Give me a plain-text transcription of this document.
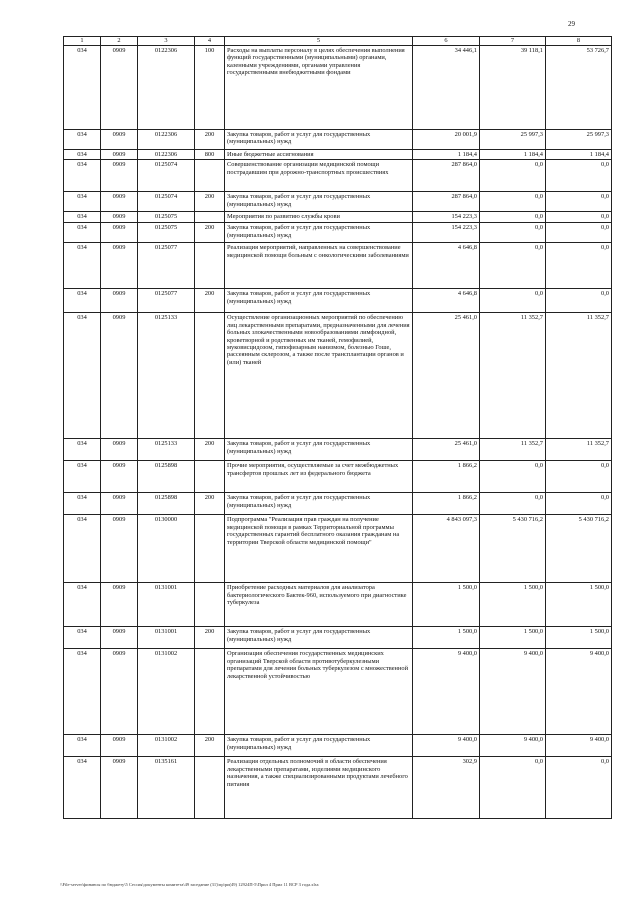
29
1	2	3	4	5	6	7	8
034	0909	0122306	100	Расходы на выплаты персоналу в целях обеспечения выполнения функций государственными (муниципальными) органами, казенными учреждениями, органами управления государственными внебюджетными фондами	34 446,1	39 118,1	53 726,7
034	0909	0122306	200	Закупка товаров, работ и услуг для государственных (муниципальных) нужд	20 001,9	25 997,3	25 997,3
034	0909	0122306	800	Иные бюджетные ассигнования	1 184,4	1 184,4	1 184,4
034	0909	0125074		Совершенствование организации медицинской помощи пострадавшим при дорожно-транспортных происшествиях	287 864,0	0,0	0,0
034	0909	0125074	200	Закупка товаров, работ и услуг для государственных (муниципальных) нужд	287 864,0	0,0	0,0
034	0909	0125075		Мероприятия по развитию службы крови	154 223,3	0,0	0,0
034	0909	0125075	200	Закупка товаров, работ и услуг для государственных (муниципальных) нужд	154 223,3	0,0	0,0
034	0909	0125077		Реализация мероприятий, направленных на совершенствование медицинской помощи больным с онкологическими заболеваниями	4 646,8	0,0	0,0
034	0909	0125077	200	Закупка товаров, работ и услуг для государственных (муниципальных) нужд	4 646,8	0,0	0,0
034	0909	0125133		Осуществление организационных мероприятий по обеспечению лиц лекарственными препаратами, предназначенными для лечения больных злокачественными новообразованиями лимфоидной, кроветворной и родственных им тканей, гемофилией, муковисцидозом, гипофизарным нанизмом, болезнью Гоше, рассеянным склерозом, а также после трансплантации органов и (или) тканей	25 461,0	11 352,7	11 352,7
034	0909	0125133	200	Закупка товаров, работ и услуг для государственных (муниципальных) нужд	25 461,0	11 352,7	11 352,7
034	0909	0125898		Прочие мероприятия, осуществляемые за счет межбюджетных трансфертов прошлых лет из федерального бюджета	1 866,2	0,0	0,0
034	0909	0125898	200	Закупка товаров, работ и услуг для государственных (муниципальных) нужд	1 866,2	0,0	0,0
034	0909	0130000		Подпрограмма "Реализация прав граждан на получение медицинской помощи в рамках Территориальной программы государственных гарантий бесплатного оказания гражданам на территории Тверской области медицинской помощи"	4 843 097,3	5 430 716,2	5 430 716,2
034	0909	0131001		Приобретение расходных материалов для анализатора бактериологического Бактек-960, используемого при диагностике туберкулеза	1 500,0	1 500,0	1 500,0
034	0909	0131001	200	Закупка товаров, работ и услуг для государственных (муниципальных) нужд	1 500,0	1 500,0	1 500,0
034	0909	0131002		Организация обеспечения государственных медицинских организаций Тверской области противотуберкулезными препаратами для лечения больных туберкулезом с множественной лекарственной устойчивостью	9 400,0	9 400,0	9 400,0
034	0909	0131002	200	Закупка товаров, работ и услуг для государственных (муниципальных) нужд	9 400,0	9 400,0	9 400,0
034	0909	0135161		Реализация отдельных полномочий в области обеспечения лекарственными препаратами, изделиями медицинского назначения, а также специализированными продуктами лечебного питания	302,9	0,0	0,0
\\File-server\финансы по бюджету\5 Сессия\документы комитета\49 заседание (31)\пр\ри(49) 12924П-5\Прил 4 Прил 11 ВСР 3 года.xlsx
